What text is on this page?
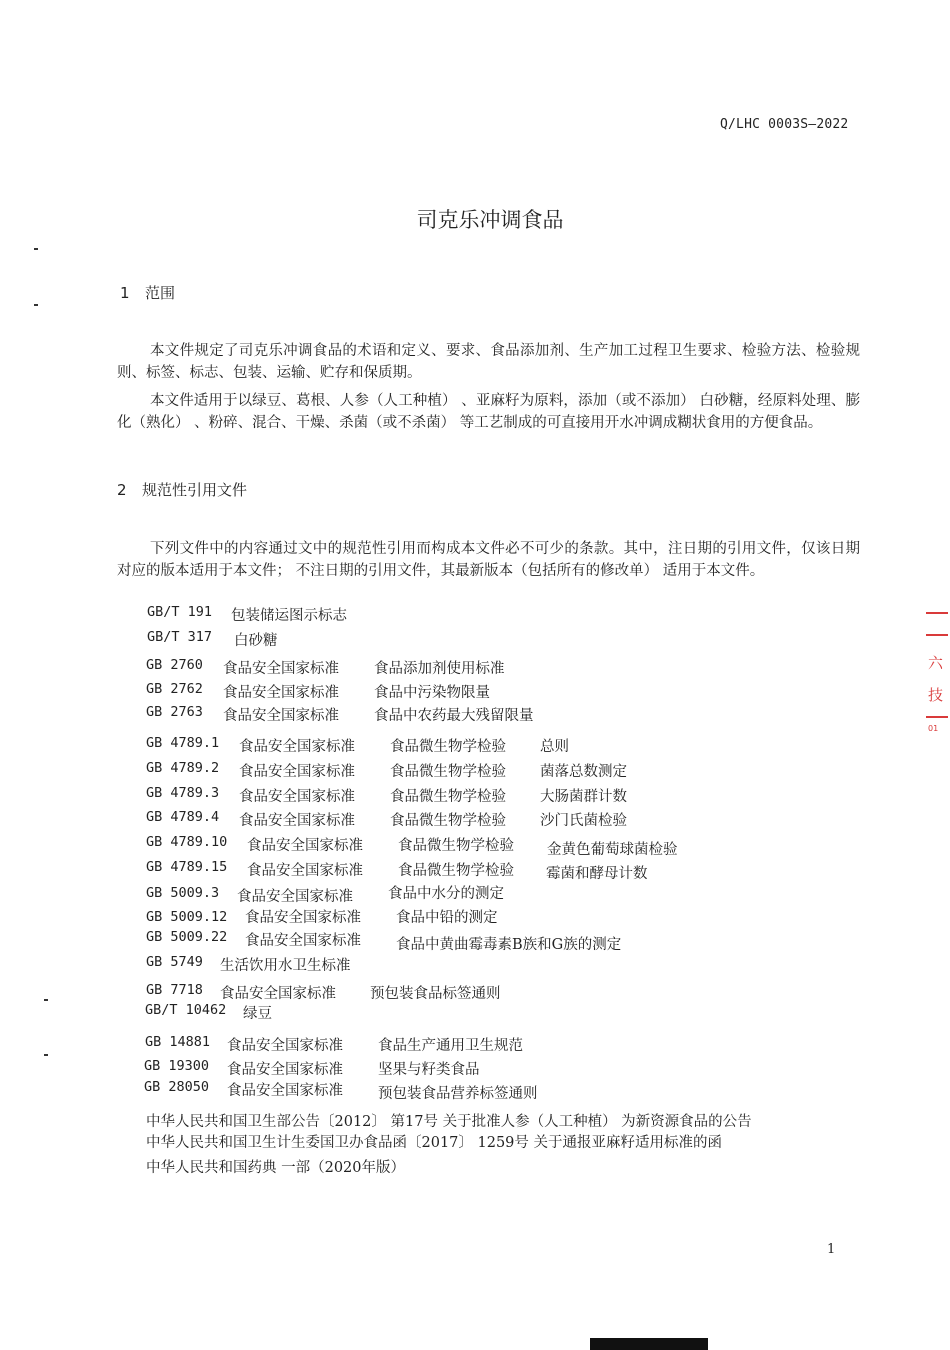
Q/LHC 0003S—2022
司克乐冲调食品
1 范围
本文件规定了司克乐冲调食品的术语和定义、要求、食品添加剂、生产加工过程卫生要求、检验方法、检验规则、标签、标志、包装、运输、贮存和保质期。
本文件适用于以绿豆、葛根、人参（人工种植） 、亚麻籽为原料，添加（或不添加） 白砂糖，经原料处理、膨化（熟化） 、粉碎、混合、干燥、杀菌（或不杀菌） 等工艺制成的可直接用开水冲调成糊状食用的方便食品。
2 规范性引用文件
下列文件中的内容通过文中的规范性引用而构成本文件必不可少的条款。其中，注日期的引用文件，仅该日期对应的版本适用于本文件； 不注日期的引用文件，其最新版本（包括所有的修改单） 适用于本文件。
GB/T 191 包装储运图示标志
GB/T 317 白砂糖
GB 2760 食品安全国家标准 食品添加剂使用标准
GB 2762 食品安全国家标准 食品中污染物限量
GB 2763 食品安全国家标准 食品中农药最大残留限量
GB 4789.1 食品安全国家标准 食品微生物学检验 总则
GB 4789.2 食品安全国家标准 食品微生物学检验 菌落总数测定
GB 4789.3 食品安全国家标准 食品微生物学检验 大肠菌群计数
GB 4789.4 食品安全国家标准 食品微生物学检验 沙门氏菌检验
GB 4789.10 食品安全国家标准 食品微生物学检验 金黄色葡萄球菌检验
GB 4789.15 食品安全国家标准 食品微生物学检验 霉菌和酵母计数
GB 5009.3 食品安全国家标准 食品中水分的测定
GB 5009.12 食品安全国家标准 食品中铅的测定
GB 5009.22 食品安全国家标准 食品中黄曲霉毒素B族和G族的测定
GB 5749 生活饮用水卫生标准
GB 7718 食品安全国家标准 预包装食品标签通则
GB/T 10462 绿豆
GB 14881 食品安全国家标准 食品生产通用卫生规范
GB 19300 食品安全国家标准 坚果与籽类食品
GB 28050 食品安全国家标准 预包装食品营养标签通则
中华人民共和国卫生部公告〔2012〕 第17号 关于批准人参（人工种植） 为新资源食品的公告
中华人民共和国卫生计生委国卫办食品函〔2017〕 1259号 关于通报亚麻籽适用标准的函
中华人民共和国药典 一部（2020年版）
1
六
技
01
